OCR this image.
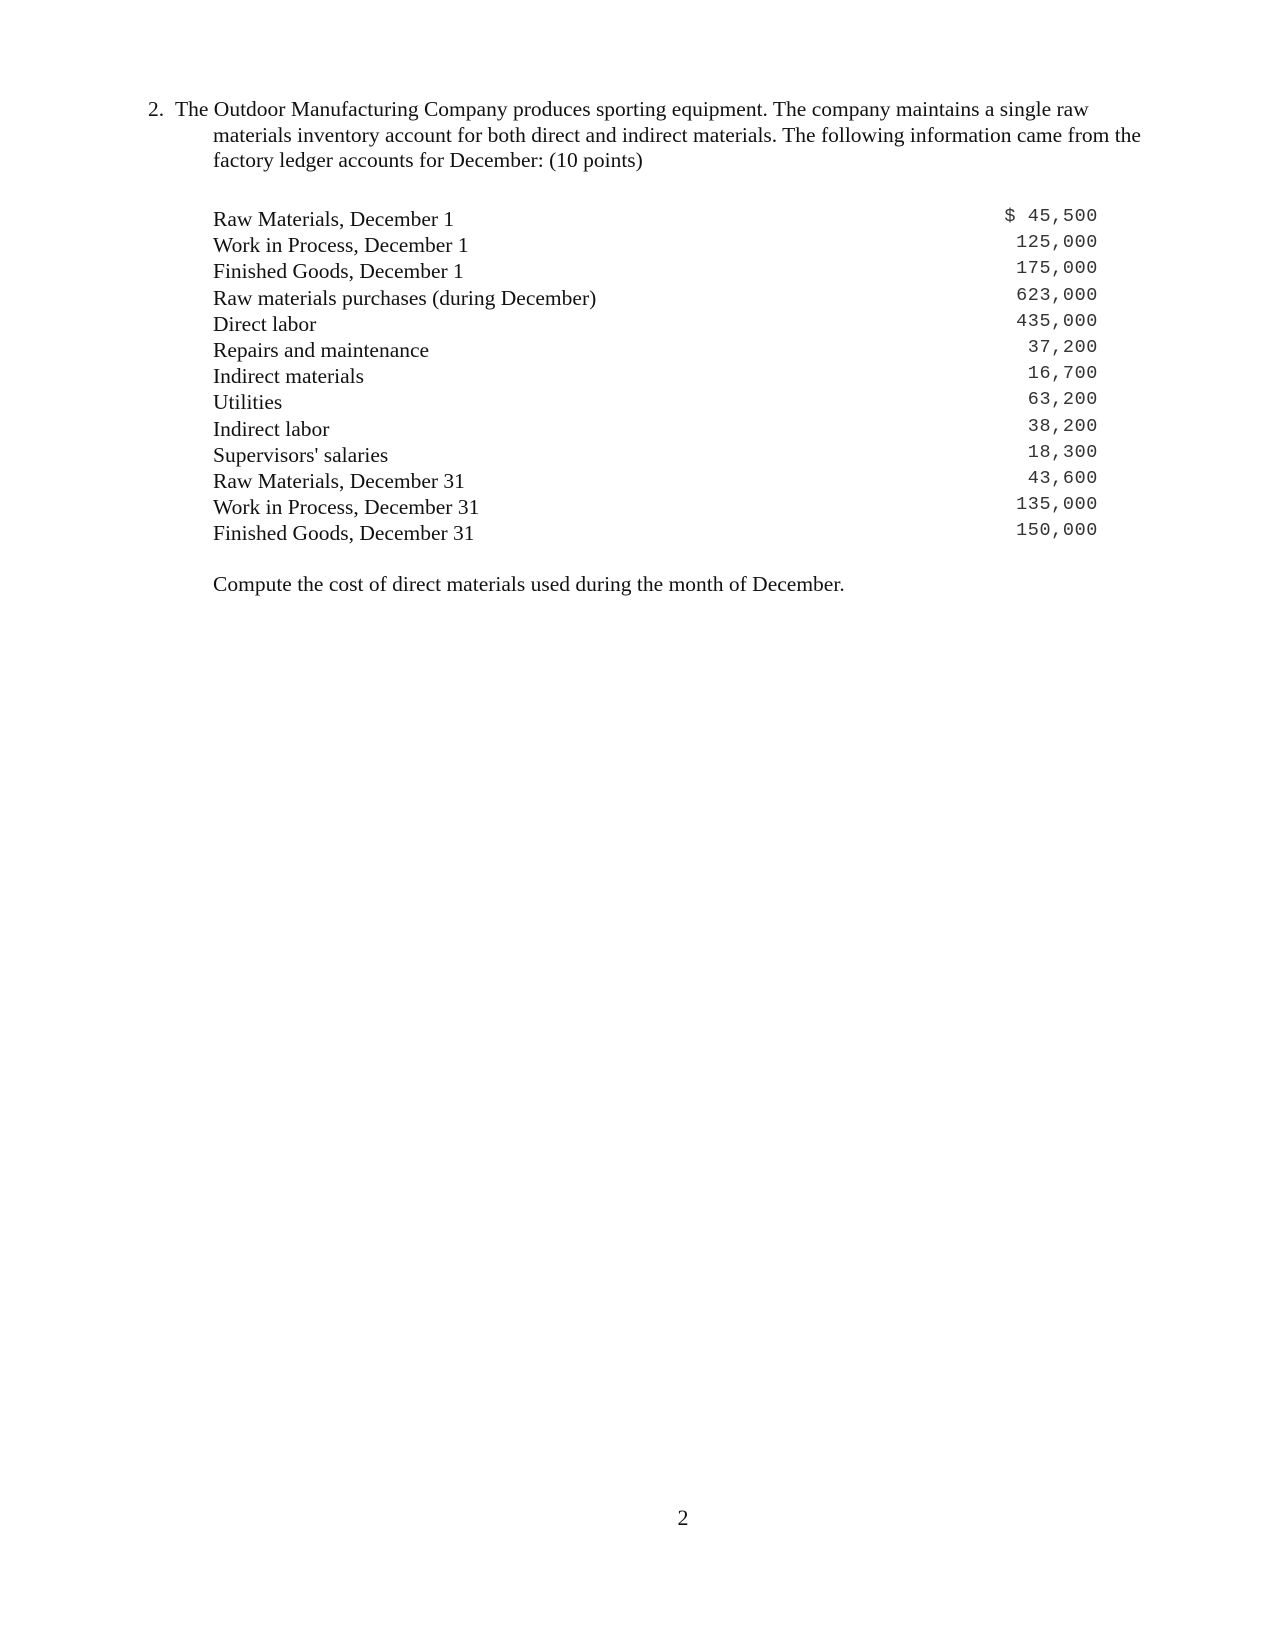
2. The Outdoor Manufacturing Company produces sporting equipment. The company maintains a single raw materials inventory account for both direct and indirect materials. The following information came from the factory ledger accounts for December: (10 points)
Raw Materials, December 1	$ 45,500
Work in Process, December 1	125,000
Finished Goods, December 1	175,000
Raw materials purchases (during December)	623,000
Direct labor	435,000
Repairs and maintenance	37,200
Indirect materials	16,700
Utilities	63,200
Indirect labor	38,200
Supervisors' salaries	18,300
Raw Materials, December 31	43,600
Work in Process, December 31	135,000
Finished Goods, December 31	150,000
Compute the cost of direct materials used during the month of December.
2
